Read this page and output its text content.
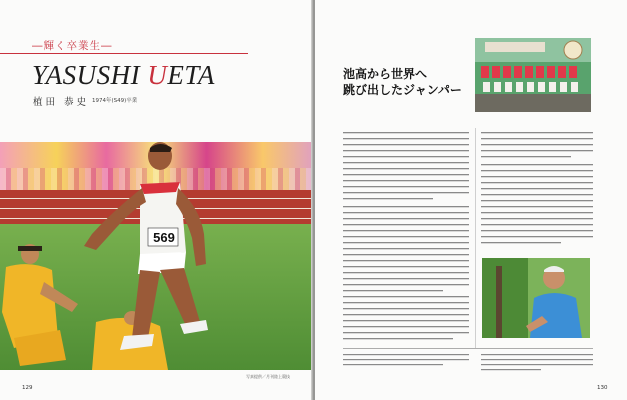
―輝く卒業生―
YASUSHI UETA
植田 恭史 1974年(S49)卒業
569
写真提供／月刊陸上競技
129
池高から世界へ
跳び出したジャンパー
130
